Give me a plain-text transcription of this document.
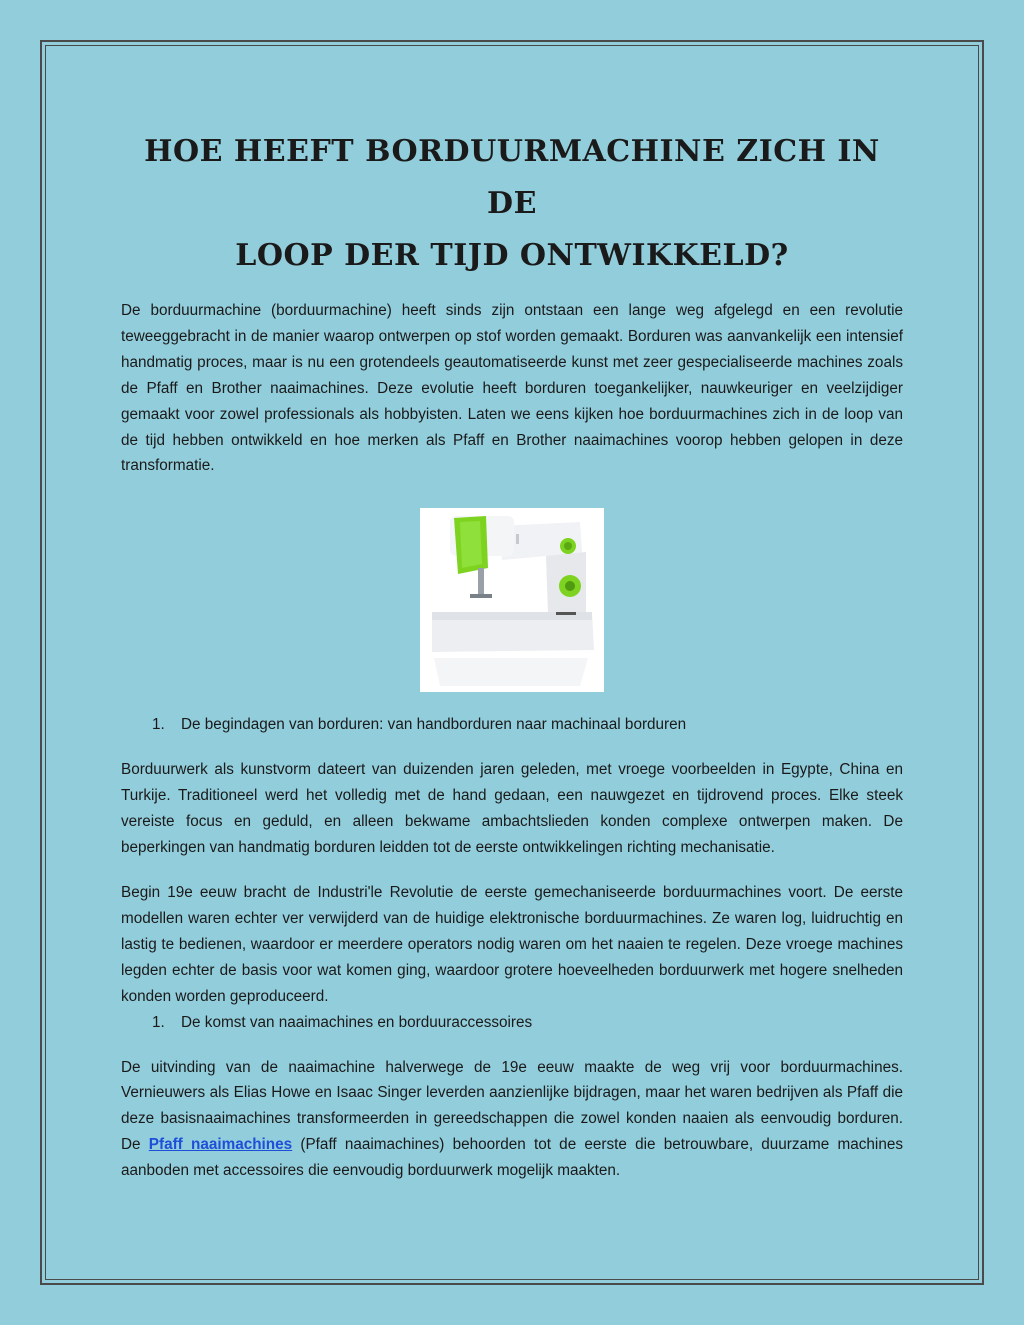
HOE HEEFT BORDUURMACHINE ZICH IN DE
LOOP DER TIJD ONTWIKKELD?

De borduurmachine (borduurmachine) heeft sinds zijn ontstaan een lange weg afgelegd en een revolutie teweeggebracht in de manier waarop ontwerpen op stof worden gemaakt. Borduren was aanvankelijk een intensief handmatig proces, maar is nu een grotendeels geautomatiseerde kunst met zeer gespecialiseerde machines zoals de Pfaff en Brother naaimachines. Deze evolutie heeft borduren toegankelijker, nauwkeuriger en veelzijdiger gemaakt voor zowel professionals als hobbyisten. Laten we eens kijken hoe borduurmachines zich in de loop van de tijd hebben ontwikkeld en hoe merken als Pfaff en Brother naaimachines voorop hebben gelopen in deze transformatie.

1. De begindagen van borduren: van handborduren naar machinaal borduren

Borduurwerk als kunstvorm dateert van duizenden jaren geleden, met vroege voorbeelden in Egypte, China en Turkije. Traditioneel werd het volledig met de hand gedaan, een nauwgezet en tijdrovend proces. Elke steek vereiste focus en geduld, en alleen bekwame ambachtslieden konden complexe ontwerpen maken. De beperkingen van handmatig borduren leidden tot de eerste ontwikkelingen richting mechanisatie.

Begin 19e eeuw bracht de Industri'le Revolutie de eerste gemechaniseerde borduurmachines voort. De eerste modellen waren echter ver verwijderd van de huidige elektronische borduurmachines. Ze waren log, luidruchtig en lastig te bedienen, waardoor er meerdere operators nodig waren om het naaien te regelen. Deze vroege machines legden echter de basis voor wat komen ging, waardoor grotere hoeveelheden borduurwerk met hogere snelheden konden worden geproduceerd.

1. De komst van naaimachines en borduuraccessoires

De uitvinding van de naaimachine halverwege de 19e eeuw maakte de weg vrij voor borduurmachines. Vernieuwers als Elias Howe en Isaac Singer leverden aanzienlijke bijdragen, maar het waren bedrijven als Pfaff die deze basisnaaimachines transformeerden in gereedschappen die zowel konden naaien als eenvoudig borduren. De Pfaff naaimachines (Pfaff naaimachines) behoorden tot de eerste die betrouwbare, duurzame machines aanboden met accessoires die eenvoudig borduurwerk mogelijk maakten.
